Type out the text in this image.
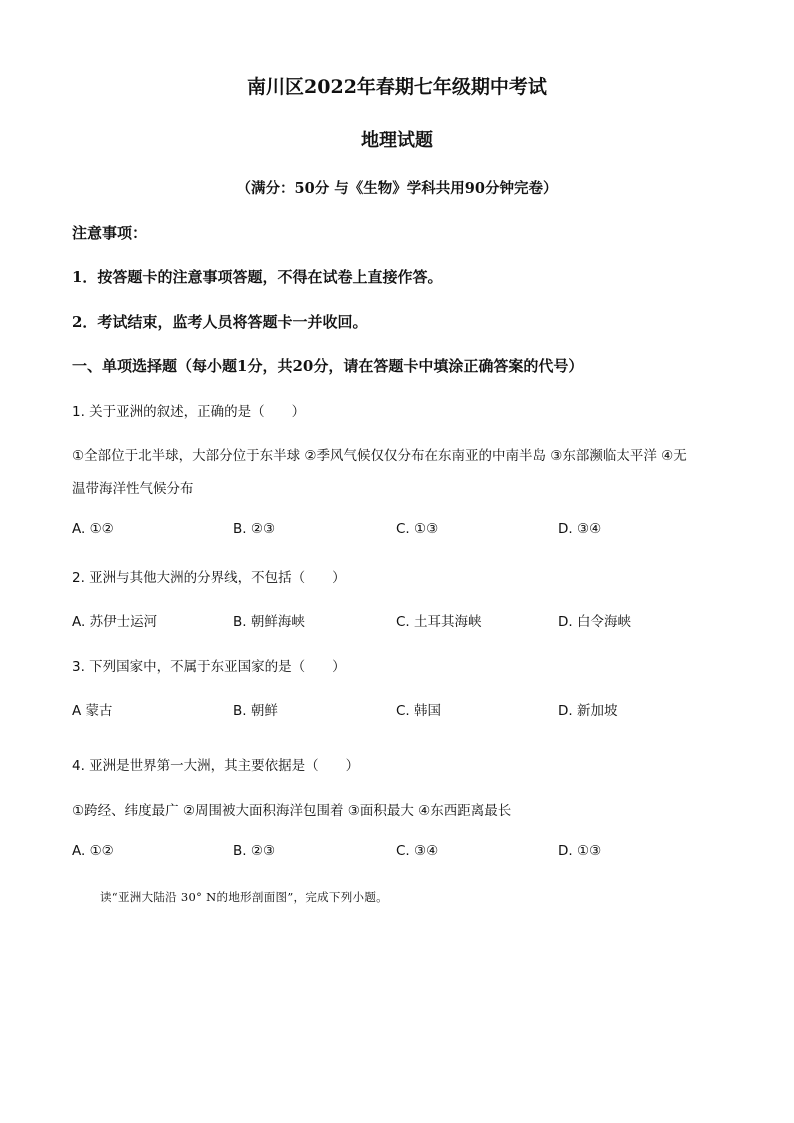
南川区2022年春期七年级期中考试
地理试题
（满分：50分 与《生物》学科共用90分钟完卷）
注意事项：
1．按答题卡的注意事项答题，不得在试卷上直接作答。
2．考试结束，监考人员将答题卡一并收回。
一、单项选择题（每小题1分，共20分，请在答题卡中填涂正确答案的代号）
1. 关于亚洲的叙述，正确的是（　　）
①全部位于北半球，大部分位于东半球 ②季风气候仅仅分布在东南亚的中南半岛 ③东部濒临太平洋 ④无
温带海洋性气候分布
A. ①②	B. ②③	C. ①③	D. ③④
2. 亚洲与其他大洲的分界线，不包括（　　）
A. 苏伊士运河	B. 朝鲜海峡	C. 土耳其海峡	D. 白令海峡
3. 下列国家中，不属于东亚国家的是（　　）
A 蒙古	B. 朝鲜	C. 韩国	D. 新加坡
4. 亚洲是世界第一大洲，其主要依据是（　　）
①跨经、纬度最广 ②周围被大面积海洋包围着 ③面积最大 ④东西距离最长
A. ①②	B. ②③	C. ③④	D. ①③
读“亚洲大陆沿 30° N的地形剖面图”，完成下列小题。
